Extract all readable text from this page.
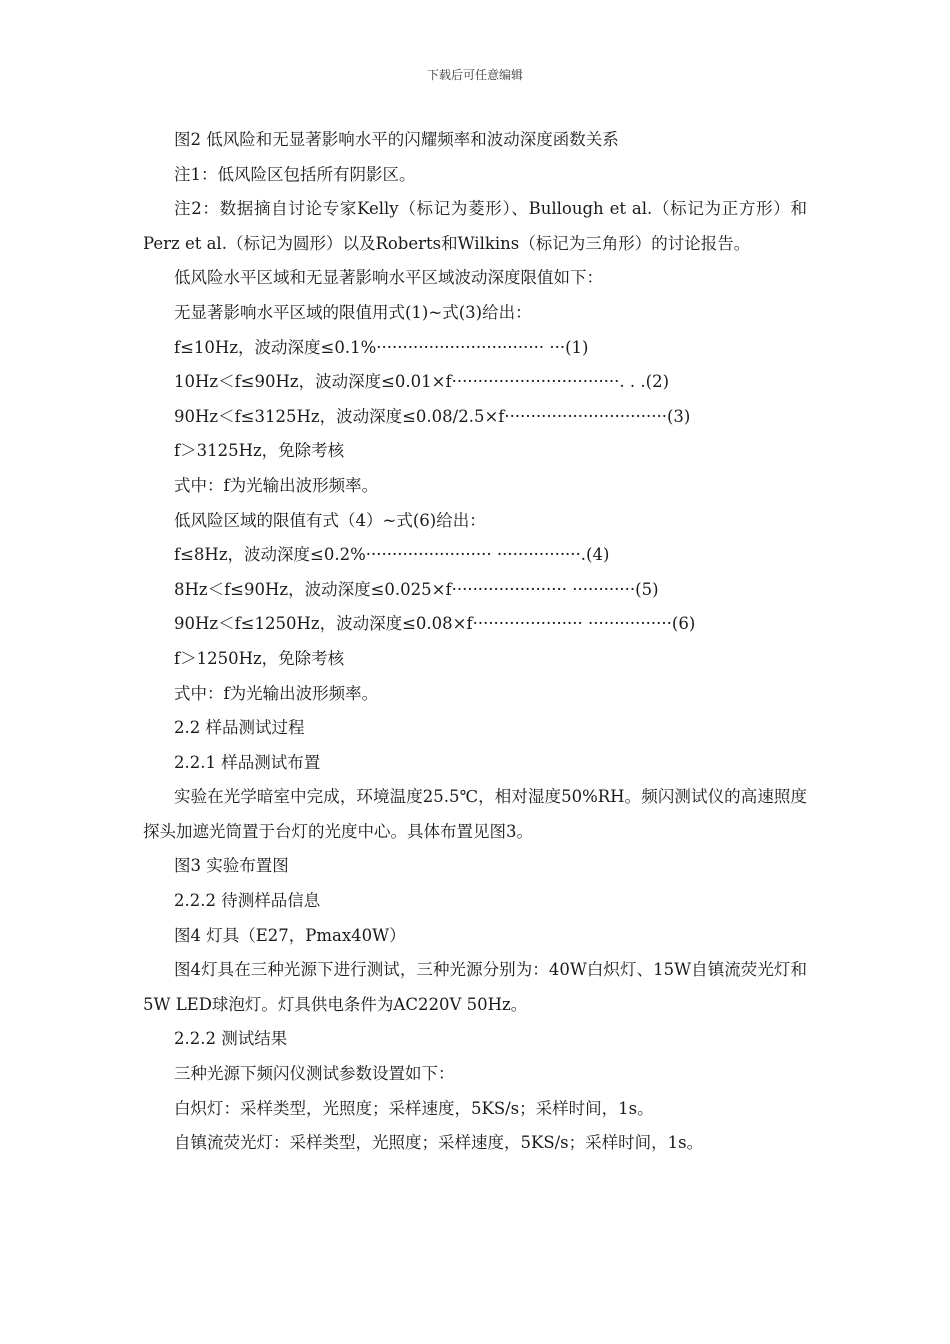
下载后可任意编辑

图2 低风险和无显著影响水平的闪耀频率和波动深度函数关系

注1：低风险区包括所有阴影区。

注2：数据摘自讨论专家Kelly（标记为菱形）、Bullough et al.（标记为正方形）和Perz et al.（标记为圆形）以及Roberts和Wilkins（标记为三角形）的讨论报告。

低风险水平区域和无显著影响水平区域波动深度限值如下：

无显著影响水平区域的限值用式(1)~式(3)给出：

f≤10Hz，波动深度≤0.1%································ ···(1)

10Hz＜f≤90Hz，波动深度≤0.01×f································. . .(2)

90Hz＜f≤3125Hz，波动深度≤0.08/2.5×f·······························(3)

f＞3125Hz，免除考核

式中：f为光输出波形频率。

低风险区域的限值有式（4）~式(6)给出：

f≤8Hz，波动深度≤0.2%························ ················.(4)

8Hz＜f≤90Hz，波动深度≤0.025×f······················ ············(5)

90Hz＜f≤1250Hz，波动深度≤0.08×f····················· ················(6)

f＞1250Hz，免除考核

式中：f为光输出波形频率。

2.2 样品测试过程

2.2.1 样品测试布置

实验在光学暗室中完成，环境温度25.5℃，相对湿度50%RH。频闪测试仪的高速照度探头加遮光筒置于台灯的光度中心。具体布置见图3。

图3 实验布置图

2.2.2 待测样品信息

图4 灯具（E27，Pmax40W）

图4灯具在三种光源下进行测试，三种光源分别为：40W白炽灯、15W自镇流荧光灯和5W LED球泡灯。灯具供电条件为AC220V 50Hz。

2.2.2 测试结果

三种光源下频闪仪测试参数设置如下：

白炽灯：采样类型，光照度；采样速度，5KS/s；采样时间，1s。

自镇流荧光灯：采样类型，光照度；采样速度，5KS/s；采样时间，1s。
